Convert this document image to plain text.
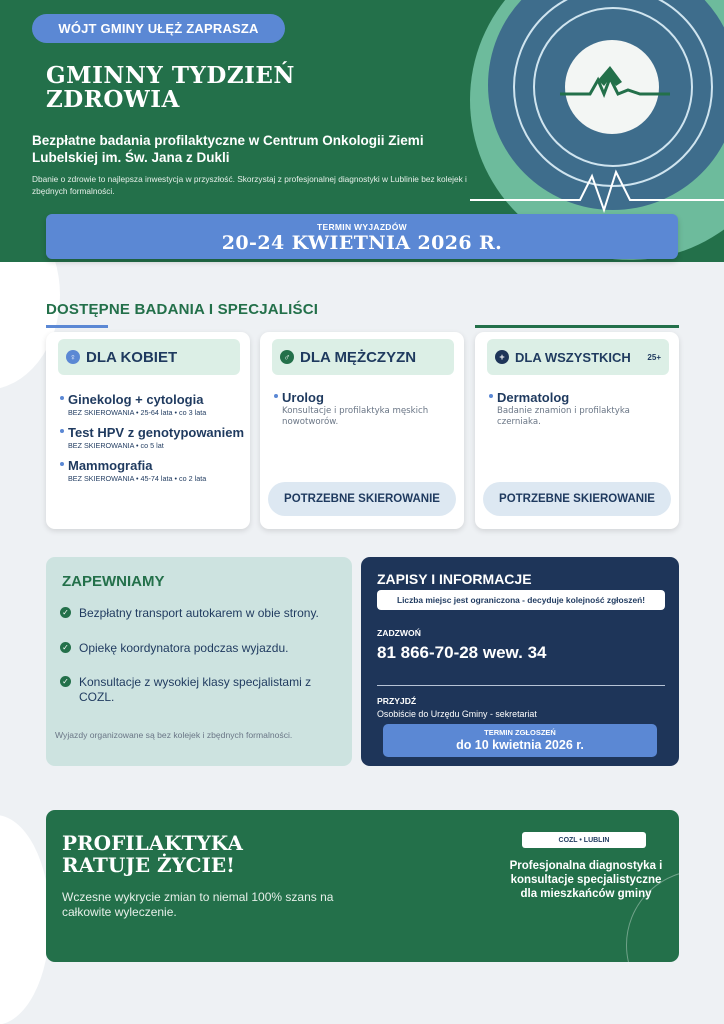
WÓJT GMINY UŁĘŻ ZAPRASZA
GMINNY TYDZIEŃ
ZDROWIA
Bezpłatne badania profilaktyczne w Centrum Onkologii Ziemi Lubelskiej im. Św. Jana z Dukli
Dbanie o zdrowie to najlepsza inwestycja w przyszłość. Skorzystaj z profesjonalnej diagnostyki w Lublinie bez kolejek i zbędnych formalności.
TERMIN WYJAZDÓW
20-24 KWIETNIA 2026 R.
DOSTĘPNE BADANIA I SPECJALIŚCI
♀ DLA KOBIET
Ginekolog + cytologia
BEZ SKIEROWANIA • 25-64 lata • co 3 lata
Test HPV z genotypowaniem
BEZ SKIEROWANIA • co 5 lat
Mammografia
BEZ SKIEROWANIA • 45-74 lata • co 2 lata
♂ DLA MĘŻCZYZN
Urolog
Konsultacje i profilaktyka męskich nowotworów.
POTRZEBNE SKIEROWANIE
+ DLA WSZYSTKICH 25+
Dermatolog
Badanie znamion i profilaktyka czerniaka.
POTRZEBNE SKIEROWANIE
ZAPEWNIAMY
✓ Bezpłatny transport autokarem w obie strony.
✓ Opiekę koordynatora podczas wyjazdu.
✓ Konsultacje z wysokiej klasy specjalistami z COZL.
Wyjazdy organizowane są bez kolejek i zbędnych formalności.
ZAPISY I INFORMACJE
Liczba miejsc jest ograniczona - decyduje kolejność zgłoszeń!
ZADZWOŃ
81 866-70-28 wew. 34
PRZYJDŹ
Osobiście do Urzędu Gminy - sekretariat
TERMIN ZGŁOSZEŃ
do 10 kwietnia 2026 r.
PROFILAKTYKA
RATUJE ŻYCIE!
Wczesne wykrycie zmian to niemal 100% szans na całkowite wyleczenie.
COZL • LUBLIN
Profesjonalna diagnostyka i konsultacje specjalistyczne dla mieszkańców gminy
